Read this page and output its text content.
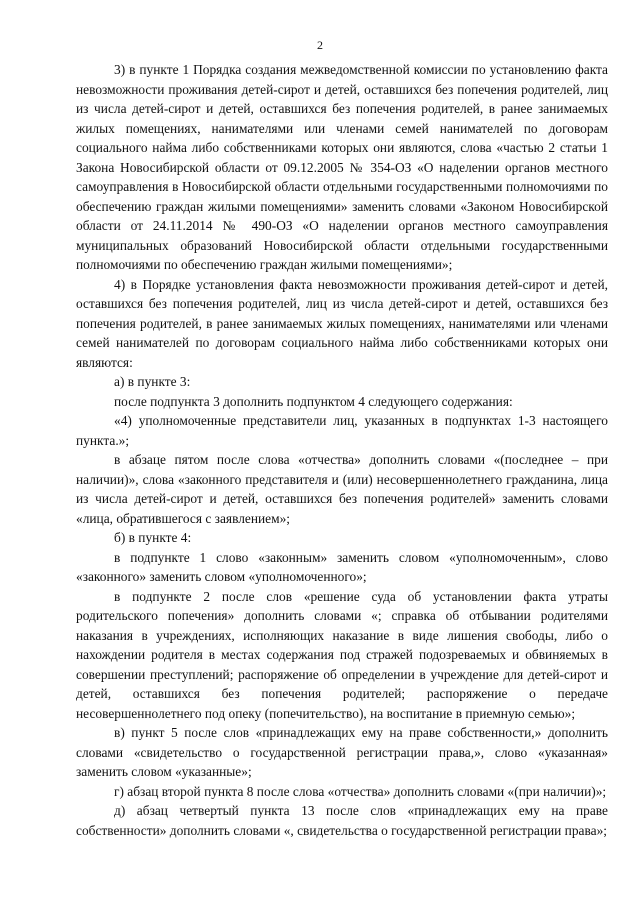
2

3) в пункте 1 Порядка создания межведомственной комиссии по установлению факта невозможности проживания детей-сирот и детей, оставшихся без попечения родителей, лиц из числа детей-сирот и детей, оставшихся без попечения родителей, в ранее занимаемых жилых помещениях, нанимателями или членами семей нанимателей по договорам социального найма либо собственниками которых они являются, слова «частью 2 статьи 1 Закона Новосибирской области от 09.12.2005 № 354-ОЗ «О наделении органов местного самоуправления в Новосибирской области отдельными государственными полномочиями по обеспечению граждан жилыми помещениями» заменить словами «Законом Новосибирской области от 24.11.2014 № 490-ОЗ «О наделении органов местного самоуправления муниципальных образований Новосибирской области отдельными государственными полномочиями по обеспечению граждан жилыми помещениями»;

4) в Порядке установления факта невозможности проживания детей-сирот и детей, оставшихся без попечения родителей, лиц из числа детей-сирот и детей, оставшихся без попечения родителей, в ранее занимаемых жилых помещениях, нанимателями или членами семей нанимателей по договорам социального найма либо собственниками которых они являются:

а) в пункте 3:

после подпункта 3 дополнить подпунктом 4 следующего содержания:

«4) уполномоченные представители лиц, указанных в подпунктах 1-3 настоящего пункта.»;

в абзаце пятом после слова «отчества» дополнить словами «(последнее – при наличии)», слова «законного представителя и (или) несовершеннолетнего гражданина, лица из числа детей-сирот и детей, оставшихся без попечения родителей» заменить словами «лица, обратившегося с заявлением»;

б) в пункте 4:

в подпункте 1 слово «законным» заменить словом «уполномоченным», слово «законного» заменить словом «уполномоченного»;

в подпункте 2 после слов «решение суда об установлении факта утраты родительского попечения» дополнить словами «; справка об отбывании родителями наказания в учреждениях, исполняющих наказание в виде лишения свободы, либо о нахождении родителя в местах содержания под стражей подозреваемых и обвиняемых в совершении преступлений; распоряжение об определении в учреждение для детей-сирот и детей, оставшихся без попечения родителей; распоряжение о передаче несовершеннолетнего под опеку (попечительство), на воспитание в приемную семью»;

в) пункт 5 после слов «принадлежащих ему на праве собственности,» дополнить словами «свидетельство о государственной регистрации права,», слово «указанная» заменить словом «указанные»;

г) абзац второй пункта 8 после слова «отчества» дополнить словами «(при наличии)»;

д) абзац четвертый пункта 13 после слов «принадлежащих ему на праве собственности» дополнить словами «, свидетельства о государственной регистрации права»;
